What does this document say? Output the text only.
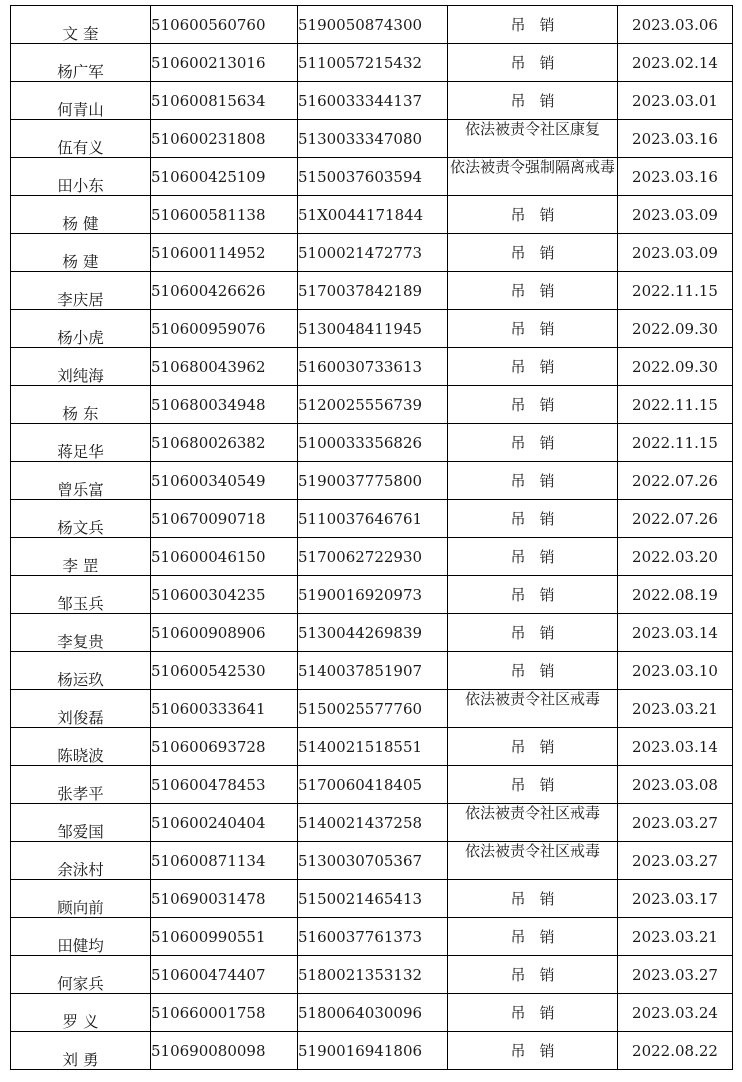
文 奎	510600560760	5190050874300	吊销	2023.03.06
杨广军	510600213016	5110057215432	吊销	2023.02.14
何青山	510600815634	5160033344137	吊销	2023.03.01
伍有义	510600231808	5130033347080	依法被责令社区康复	2023.03.16
田小东	510600425109	5150037603594	依法被责令强制隔离戒毒	2023.03.16
杨 健	510600581138	51X0044171844	吊销	2023.03.09
杨 建	510600114952	5100021472773	吊销	2023.03.09
李庆居	510600426626	5170037842189	吊销	2022.11.15
杨小虎	510600959076	5130048411945	吊销	2022.09.30
刘纯海	510680043962	5160030733613	吊销	2022.09.30
杨 东	510680034948	5120025556739	吊销	2022.11.15
蒋足华	510680026382	5100033356826	吊销	2022.11.15
曾乐富	510600340549	5190037775800	吊销	2022.07.26
杨文兵	510670090718	5110037646761	吊销	2022.07.26
李 罡	510600046150	5170062722930	吊销	2022.03.20
邹玉兵	510600304235	5190016920973	吊销	2022.08.19
李复贵	510600908906	5130044269839	吊销	2023.03.14
杨运玖	510600542530	5140037851907	吊销	2023.03.10
刘俊磊	510600333641	5150025577760	依法被责令社区戒毒	2023.03.21
陈晓波	510600693728	5140021518551	吊销	2023.03.14
张孝平	510600478453	5170060418405	吊销	2023.03.08
邹爱国	510600240404	5140021437258	依法被责令社区戒毒	2023.03.27
余泳村	510600871134	5130030705367	依法被责令社区戒毒	2023.03.27
顾向前	510690031478	5150021465413	吊销	2023.03.17
田健均	510600990551	5160037761373	吊销	2023.03.21
何家兵	510600474407	5180021353132	吊销	2023.03.27
罗 义	510660001758	5180064030096	吊销	2023.03.24
刘 勇	510690080098	5190016941806	吊销	2022.08.22
